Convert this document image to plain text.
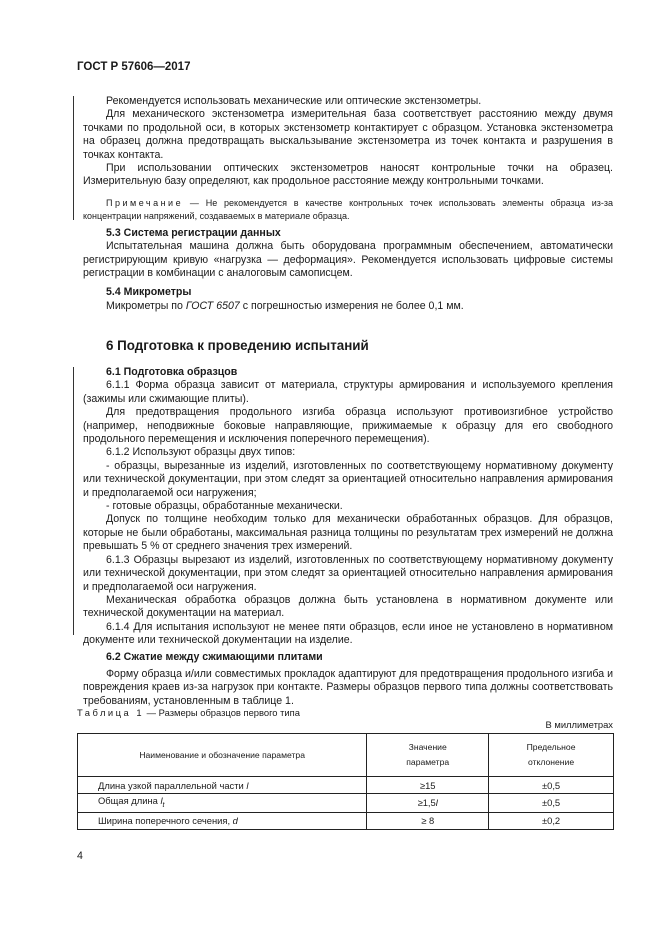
ГОСТ Р 57606—2017

Рекомендуется использовать механические или оптические экстензометры.

Для механического экстензометра измерительная база соответствует расстоянию между двумя точками по продольной оси, в которых экстензометр контактирует с образцом. Установка экстензометра на образец должна предотвращать выскальзывание экстензометра из точек контакта и разрушения в точках контакта.

При использовании оптических экстензометров наносят контрольные точки на образец. Измерительную базу определяют, как продольное расстояние между контрольными точками.

Примечание — Не рекомендуется в качестве контрольных точек использовать элементы образца из-за концентрации напряжений, создаваемых в материале образца.

5.3 Система регистрации данных

Испытательная машина должна быть оборудована программным обеспечением, автоматически регистрирующим кривую «нагрузка — деформация». Рекомендуется использовать цифровые системы регистрации в комбинации с аналоговым самописцем.

5.4 Микрометры

Микрометры по ГОСТ 6507 с погрешностью измерения не более 0,1 мм.

6 Подготовка к проведению испытаний

6.1 Подготовка образцов

6.1.1 Форма образца зависит от материала, структуры армирования и используемого крепления (зажимы или сжимающие плиты).

Для предотвращения продольного изгиба образца используют противоизгибное устройство (например, неподвижные боковые направляющие, прижимаемые к образцу для его свободного продольного перемещения и исключения поперечного перемещения).

6.1.2 Используют образцы двух типов:

- образцы, вырезанные из изделий, изготовленных по соответствующему нормативному документу или технической документации, при этом следят за ориентацией относительно направления армирования и предполагаемой оси нагружения;

- готовые образцы, обработанные механически.

Допуск по толщине необходим только для механически обработанных образцов. Для образцов, которые не были обработаны, максимальная разница толщины по результатам трех измерений не должна превышать 5 % от среднего значения трех измерений.

6.1.3 Образцы вырезают из изделий, изготовленных по соответствующему нормативному документу или технической документации, при этом следят за ориентацией относительно направления армирования и предполагаемой оси нагружения.

Механическая обработка образцов должна быть установлена в нормативном документе или технической документации на материал.

6.1.4 Для испытания используют не менее пяти образцов, если иное не установлено в нормативном документе или технической документации на изделие.

6.2 Сжатие между сжимающими плитами

Форму образца и/или совместимых прокладок адаптируют для предотвращения продольного изгиба и повреждения краев из-за нагрузок при контакте. Размеры образцов первого типа должны соответствовать требованиям, установленным в таблице 1.

Таблица 1 — Размеры образцов первого типа
В миллиметрах
Наименование и обозначение параметра	Значение параметра	Предельное отклонение
Длина узкой параллельной части l	≥15	±0,5
Общая длина $l_t$	≥1,5l	±0,5
Ширина поперечного сечения, d	≥ 8	±0,2
4
